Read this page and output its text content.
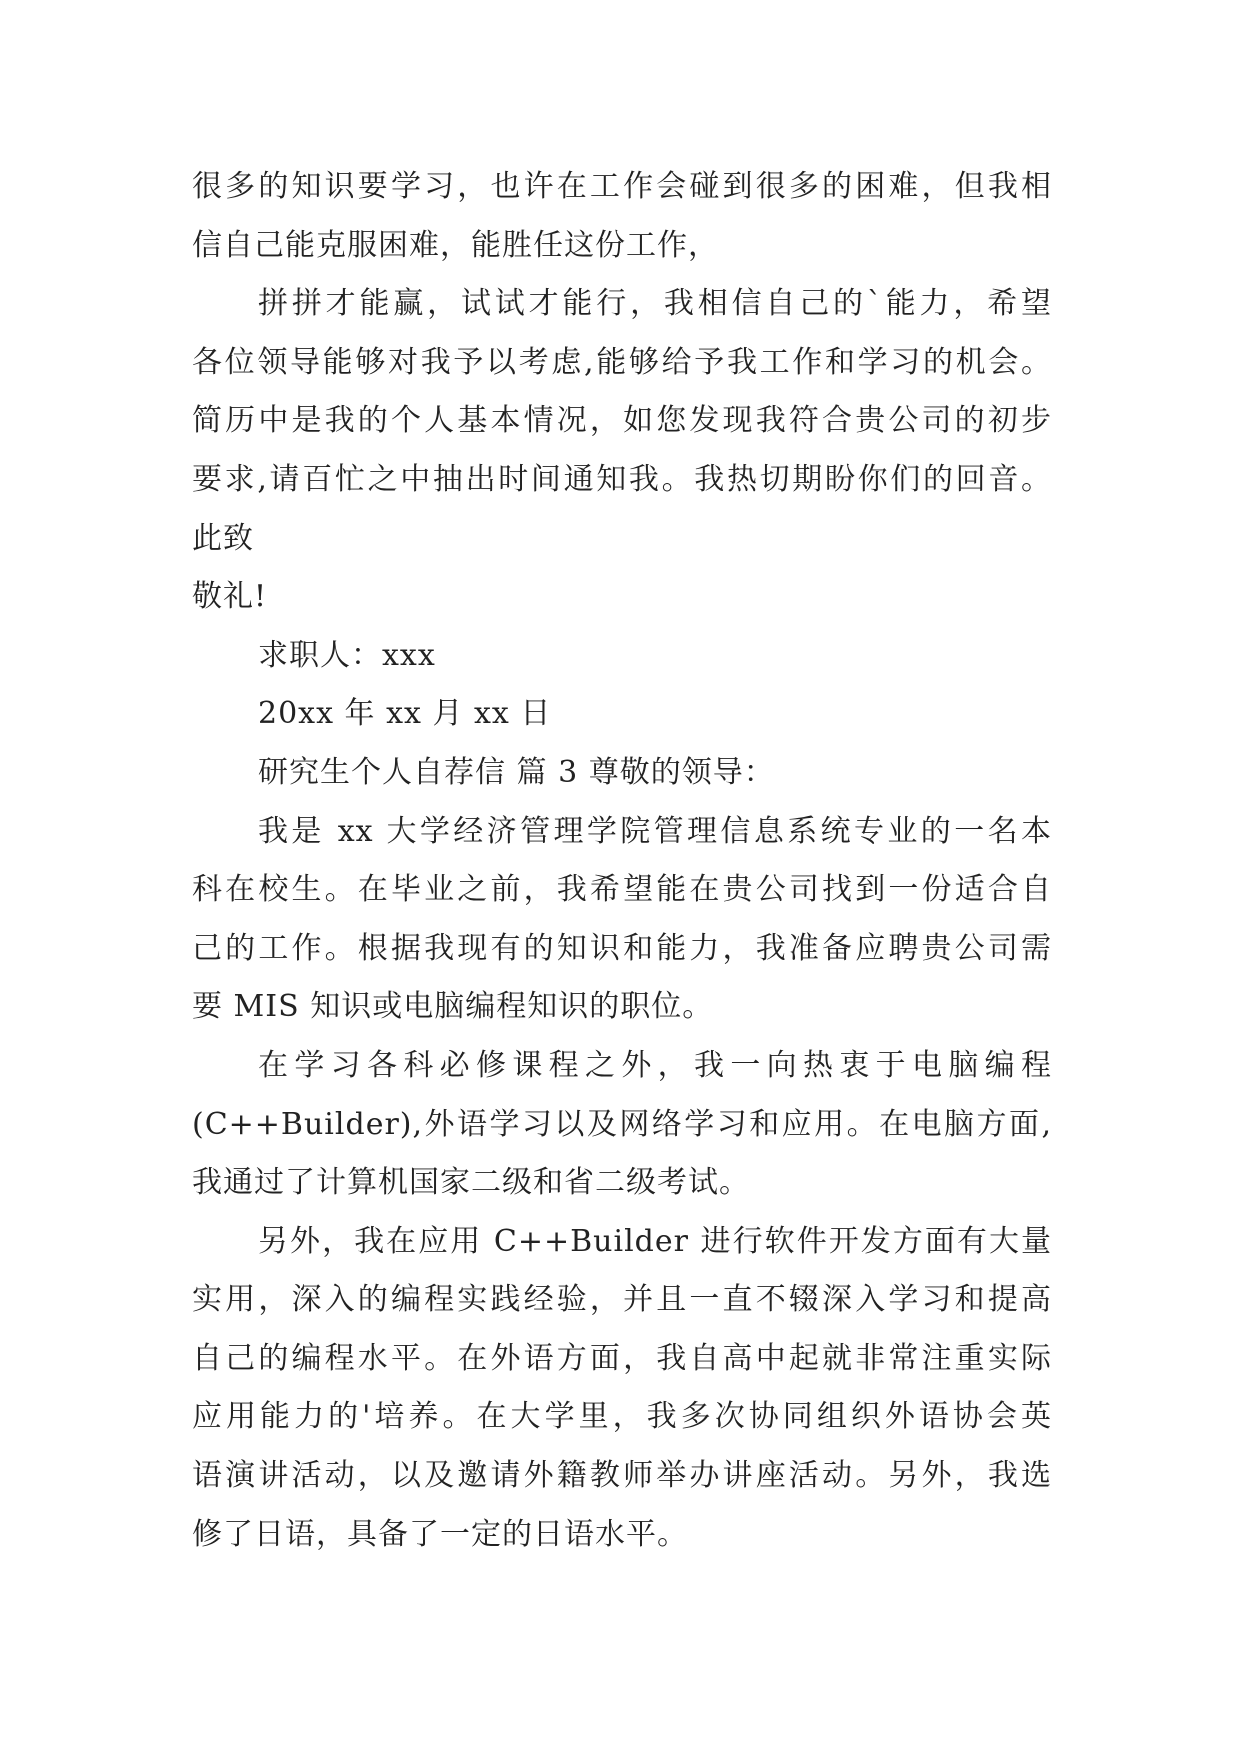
很多的知识要学习，也许在工作会碰到很多的困难，但我相
信自己能克服困难，能胜任这份工作，
拼拼才能赢，试试才能行，我相信自己的`能力，希望
各位领导能够对我予以考虑,能够给予我工作和学习的机会。
简历中是我的个人基本情况，如您发现我符合贵公司的初步
要求,请百忙之中抽出时间通知我。我热切期盼你们的回音。
此致
敬礼!
求职人：xxx
20xx 年 xx 月 xx 日
研究生个人自荐信 篇 3 尊敬的领导：
我是 xx 大学经济管理学院管理信息系统专业的一名本
科在校生。在毕业之前，我希望能在贵公司找到一份适合自
己的工作。根据我现有的知识和能力，我准备应聘贵公司需
要 MIS 知识或电脑编程知识的职位。
在学习各科必修课程之外，我一向热衷于电脑编程
(C++Builder),外语学习以及网络学习和应用。在电脑方面,
我通过了计算机国家二级和省二级考试。
另外，我在应用 C++Builder 进行软件开发方面有大量
实用，深入的编程实践经验，并且一直不辍深入学习和提高
自己的编程水平。在外语方面，我自高中起就非常注重实际
应用能力的'培养。在大学里，我多次协同组织外语协会英
语演讲活动，以及邀请外籍教师举办讲座活动。另外，我选
修了日语，具备了一定的日语水平。
